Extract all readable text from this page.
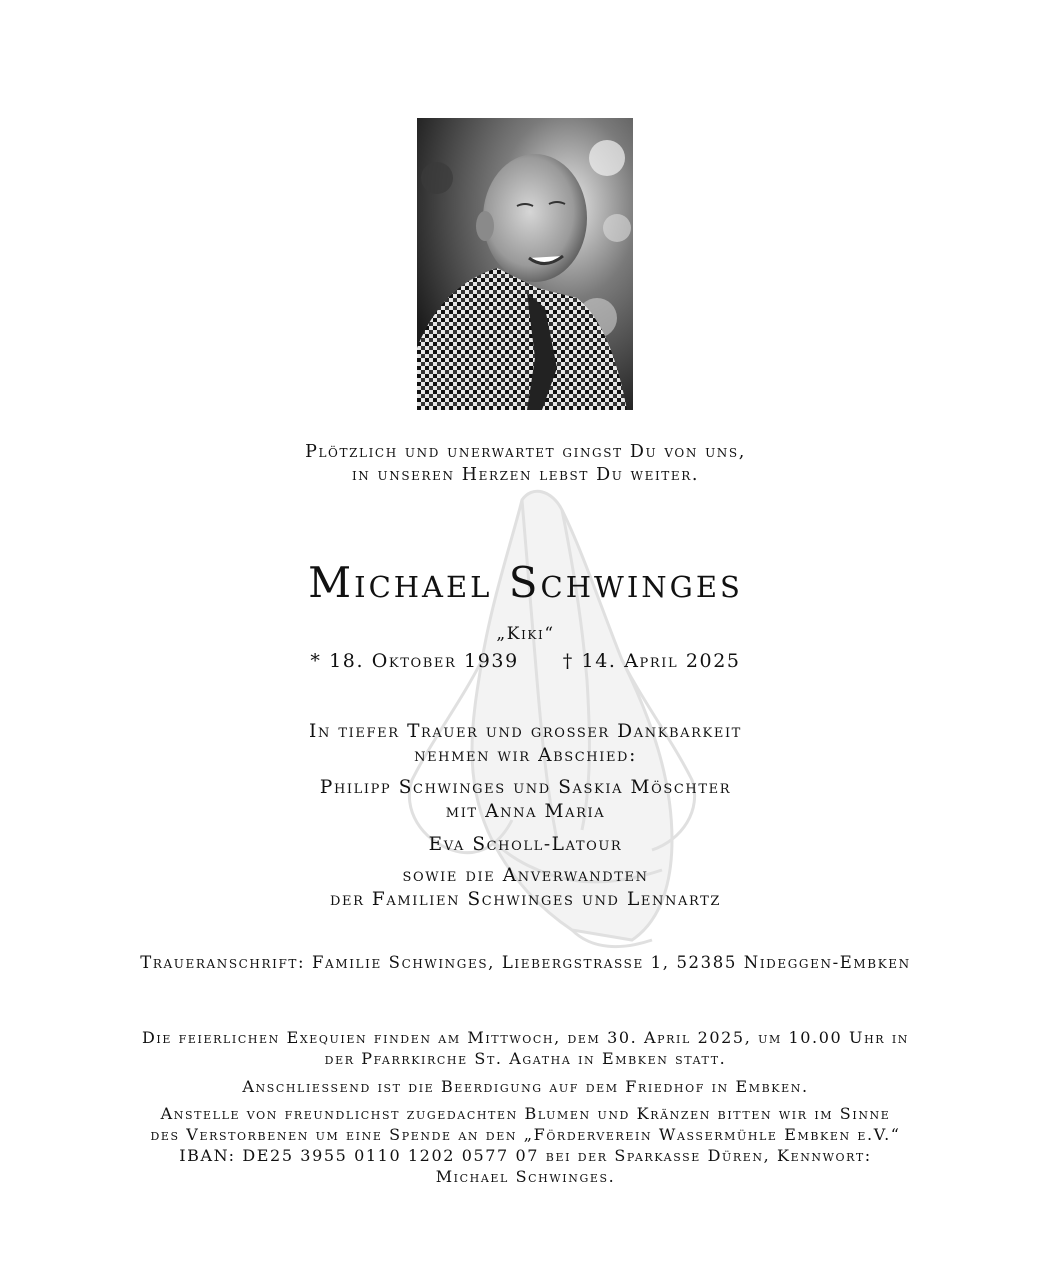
Plötzlich und unerwartet gingst Du von uns,
in unseren Herzen lebst Du weiter.
Michael Schwinges
„Kiki“
* 18. Oktober 1939 † 14. April 2025
In tiefer Trauer und grosser Dankbarkeit
nehmen wir Abschied:
Philipp Schwinges und Saskia Möschter
mit Anna Maria
Eva Scholl-Latour
sowie die Anverwandten
der Familien Schwinges und Lennartz
Traueranschrift: Familie Schwinges, Liebergstrasse 1, 52385 Nideggen-Embken
Die feierlichen Exequien finden am Mittwoch, dem 30. April 2025, um 10.00 Uhr in
der Pfarrkirche St. Agatha in Embken statt.
Anschliessend ist die Beerdigung auf dem Friedhof in Embken.
Anstelle von freundlichst zugedachten Blumen und Kränzen bitten wir im Sinne
des Verstorbenen um eine Spende an den „Förderverein Wassermühle Embken e.V.“
IBAN: DE25 3955 0110 1202 0577 07 bei der Sparkasse Düren, Kennwort:
Michael Schwinges.
